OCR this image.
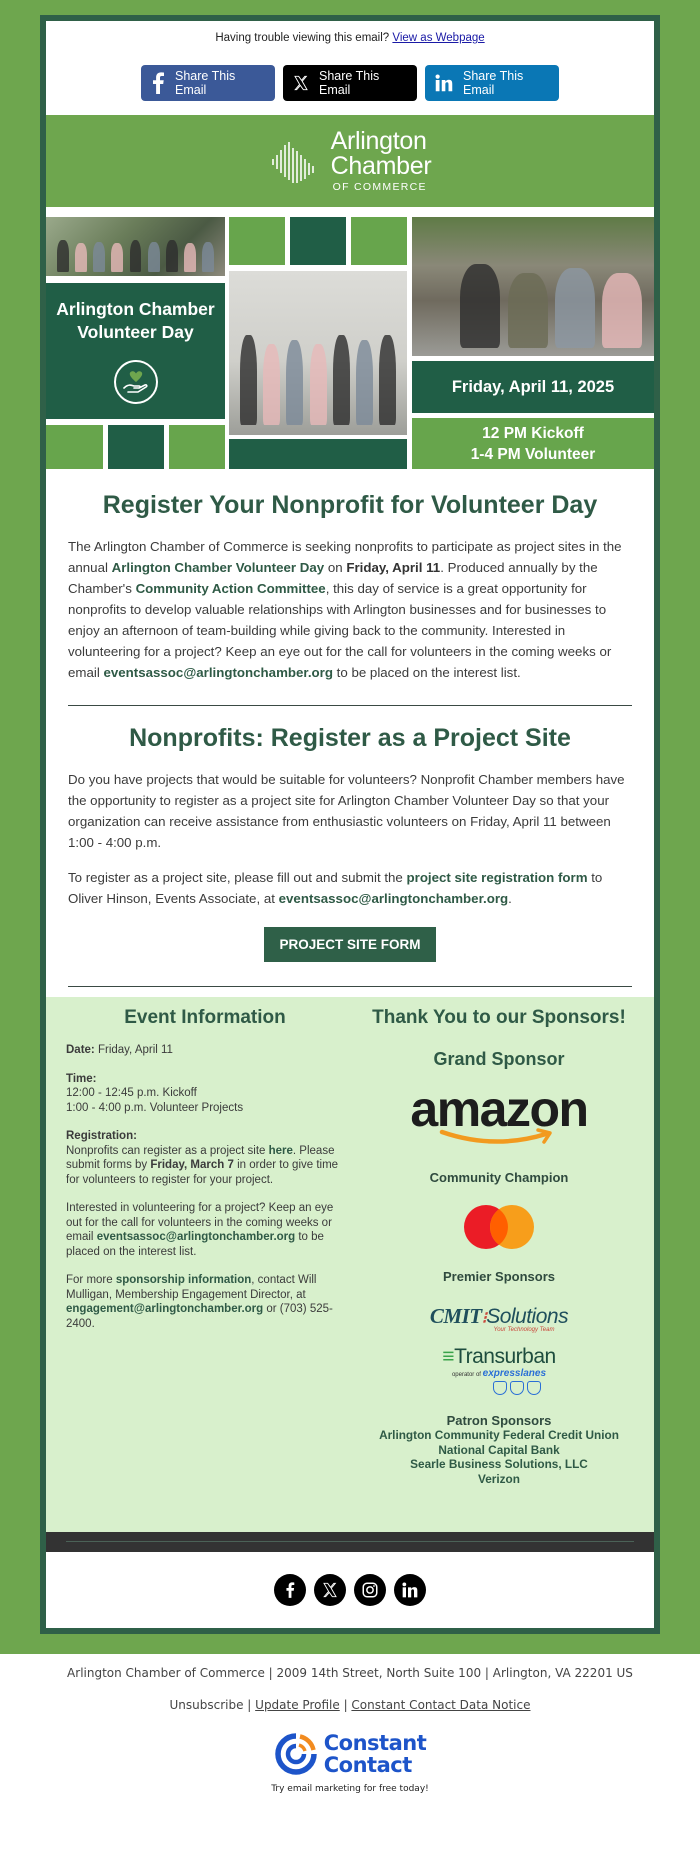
Having trouble viewing this email? View as Webpage
Share This Email
Share This Email
Share This Email
Arlington
Chamber
OF COMMERCE
Arlington Chamber
Volunteer Day
Friday, April 11, 2025
12 PM Kickoff
1-4 PM Volunteer
Register Your Nonprofit for Volunteer Day

The Arlington Chamber of Commerce is seeking nonprofits to participate as project sites in the annual Arlington Chamber Volunteer Day on Friday, April 11. Produced annually by the Chamber's Community Action Committee, this day of service is a great opportunity for nonprofits to develop valuable relationships with Arlington businesses and for businesses to enjoy an afternoon of team-building while giving back to the community. Interested in volunteering for a project? Keep an eye out for the call for volunteers in the coming weeks or email eventsassoc@arlingtonchamber.org to be placed on the interest list.

Nonprofits: Register as a Project Site

Do you have projects that would be suitable for volunteers? Nonprofit Chamber members have the opportunity to register as a project site for Arlington Chamber Volunteer Day so that your organization can receive assistance from enthusiastic volunteers on Friday, April 11 between 1:00 - 4:00 p.m.

To register as a project site, please fill out and submit the project site registration form to Oliver Hinson, Events Associate, at eventsassoc@arlingtonchamber.org.

PROJECT SITE FORM
Event Information

Date: Friday, April 11

Time:
12:00 - 12:45 p.m. Kickoff
1:00 - 4:00 p.m. Volunteer Projects

Registration:
Nonprofits can register as a project site here. Please submit forms by Friday, March 7 in order to give time for volunteers to register for your project.

Interested in volunteering for a project? Keep an eye out for the call for volunteers in the coming weeks or email eventsassoc@arlingtonchamber.org to be placed on the interest list.

For more sponsorship information, contact Will Mulligan, Membership Engagement Director, at engagement@arlingtonchamber.org or (703) 525-2400.

Thank You to our Sponsors!
Grand Sponsor
amazon
Community Champion
Premier Sponsors
CMIT⁝Solutions
Your Technology Team
≡Transurban
operator of expresslanes
Patron Sponsors
Arlington Community Federal Credit Union
National Capital Bank
Searle Business Solutions, LLC
Verizon
Arlington Chamber of Commerce | 2009 14th Street, North Suite 100 | Arlington, VA 22201 US
Unsubscribe | Update Profile | Constant Contact Data Notice
Constant
Contact
Try email marketing for free today!
